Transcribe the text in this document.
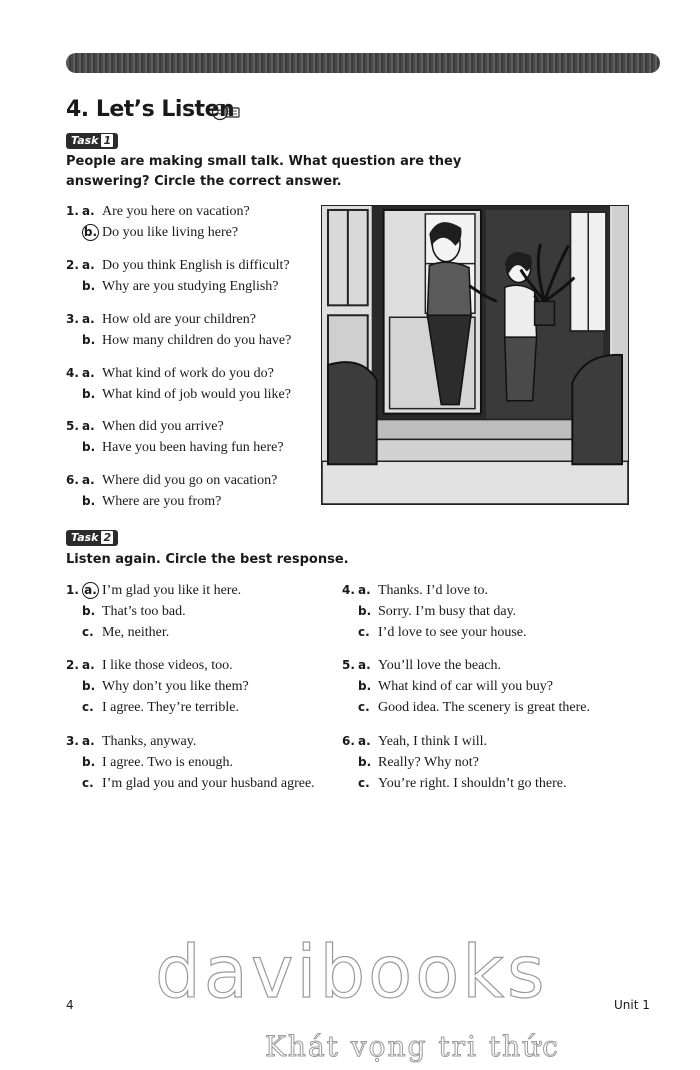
4. Let’s Listen
Task 1
People are making small talk. What question are they answering? Circle the correct answer.
1. a. Are you here on vacation?
b. Do you like living here?
2. a. Do you think English is difficult?
b. Why are you studying English?
3. a. How old are your children?
b. How many children do you have?
4. a. What kind of work do you do?
b. What kind of job would you like?
5. a. When did you arrive?
b. Have you been having fun here?
6. a. Where did you go on vacation?
b. Where are you from?
Task 2
Listen again. Circle the best response.
1. a. I’m glad you like it here.
b. That’s too bad.
c. Me, neither.
2. a. I like those videos, too.
b. Why don’t you like them?
c. I agree. They’re terrible.
3. a. Thanks, anyway.
b. I agree. Two is enough.
c. I’m glad you and your husband agree.
4. a. Thanks. I’d love to.
b. Sorry. I’m busy that day.
c. I’d love to see your house.
5. a. You’ll love the beach.
b. What kind of car will you buy?
c. Good idea. The scenery is great there.
6. a. Yeah, I think I will.
b. Really? Why not?
c. You’re right. I shouldn’t go there.
davibooks
Khát vọng tri thức
4	Unit 1
